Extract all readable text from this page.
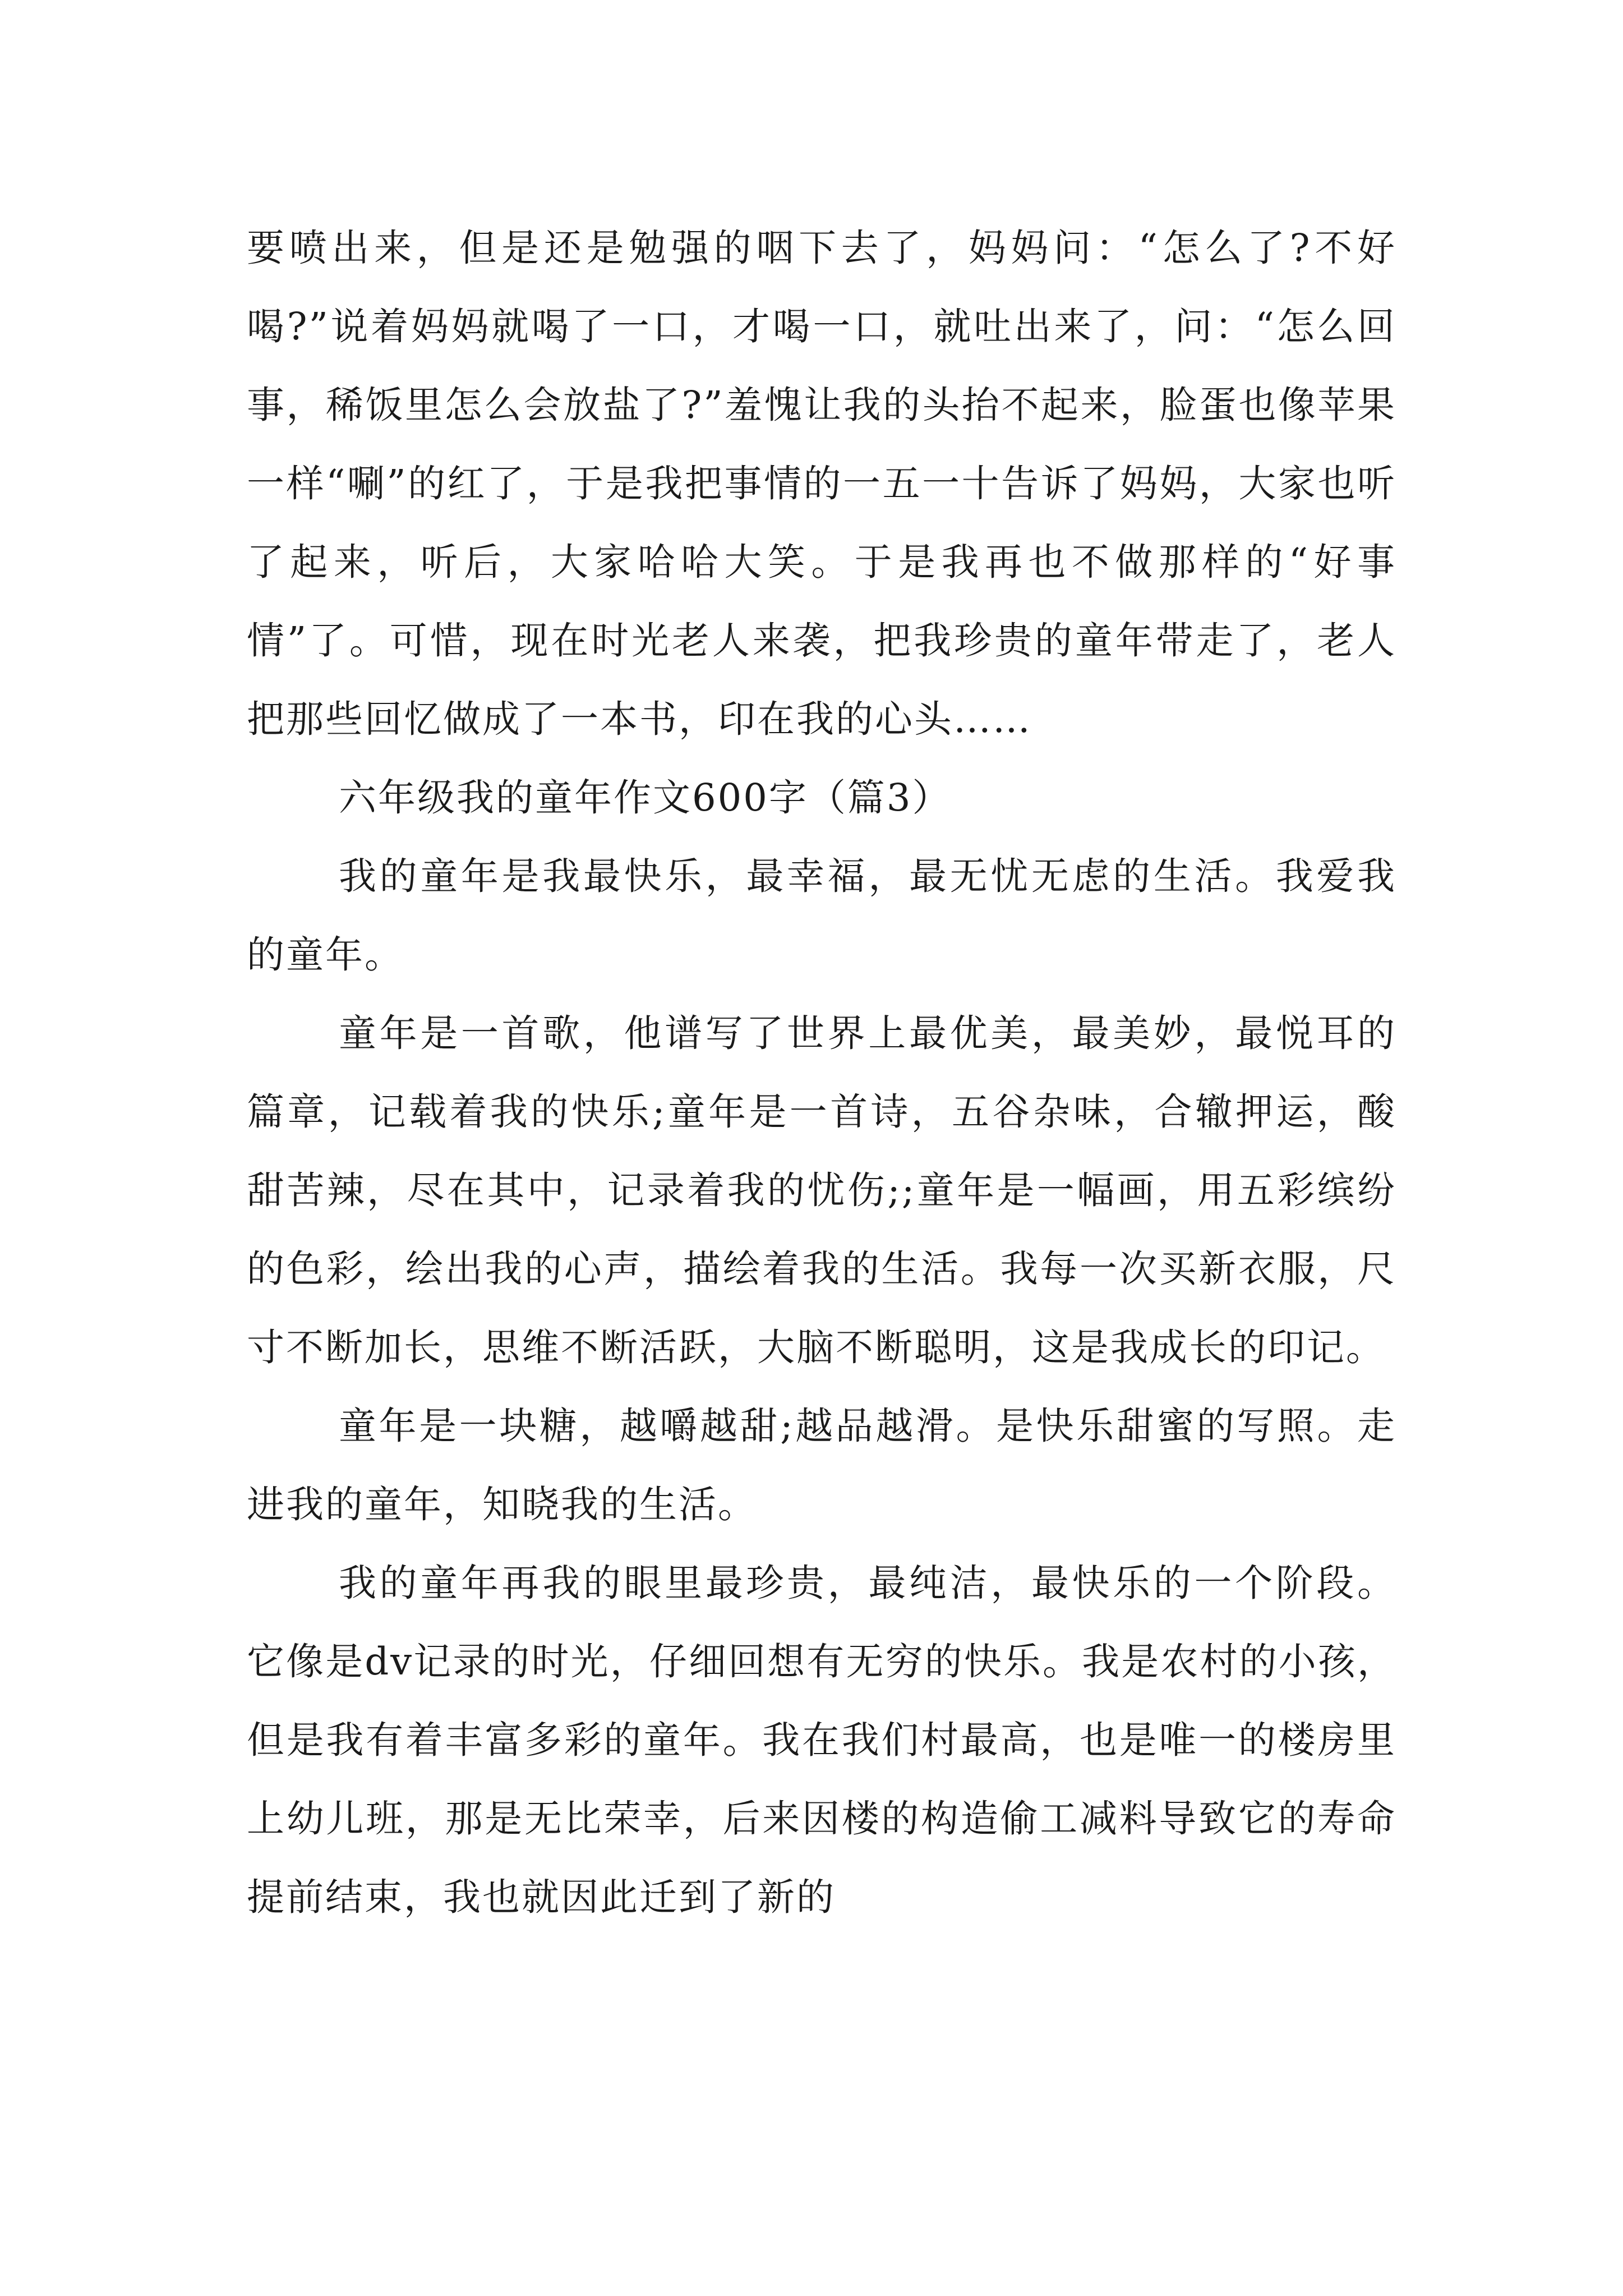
要喷出来，但是还是勉强的咽下去了，妈妈问：“怎么了?不好喝?”说着妈妈就喝了一口，才喝一口，就吐出来了，问：“怎么回事，稀饭里怎么会放盐了?”羞愧让我的头抬不起来，脸蛋也像苹果一样“唰”的红了，于是我把事情的一五一十告诉了妈妈，大家也听了起来，听后，大家哈哈大笑。于是我再也不做那样的“好事情”了。可惜，现在时光老人来袭，把我珍贵的童年带走了，老人把那些回忆做成了一本书，印在我的心头……

六年级我的童年作文600字（篇3）

我的童年是我最快乐，最幸福，最无忧无虑的生活。我爱我的童年。

童年是一首歌，他谱写了世界上最优美，最美妙，最悦耳的篇章，记载着我的快乐;童年是一首诗，五谷杂味，合辙押运，酸甜苦辣，尽在其中，记录着我的忧伤;;童年是一幅画，用五彩缤纷的色彩，绘出我的心声，描绘着我的生活。我每一次买新衣服，尺寸不断加长，思维不断活跃，大脑不断聪明，这是我成长的印记。

童年是一块糖，越嚼越甜;越品越滑。是快乐甜蜜的写照。走进我的童年，知晓我的生活。

我的童年再我的眼里最珍贵，最纯洁，最快乐的一个阶段。它像是dv记录的时光，仔细回想有无穷的快乐。我是农村的小孩，但是我有着丰富多彩的童年。我在我们村最高，也是唯一的楼房里上幼儿班，那是无比荣幸，后来因楼的构造偷工减料导致它的寿命提前结束，我也就因此迁到了新的
